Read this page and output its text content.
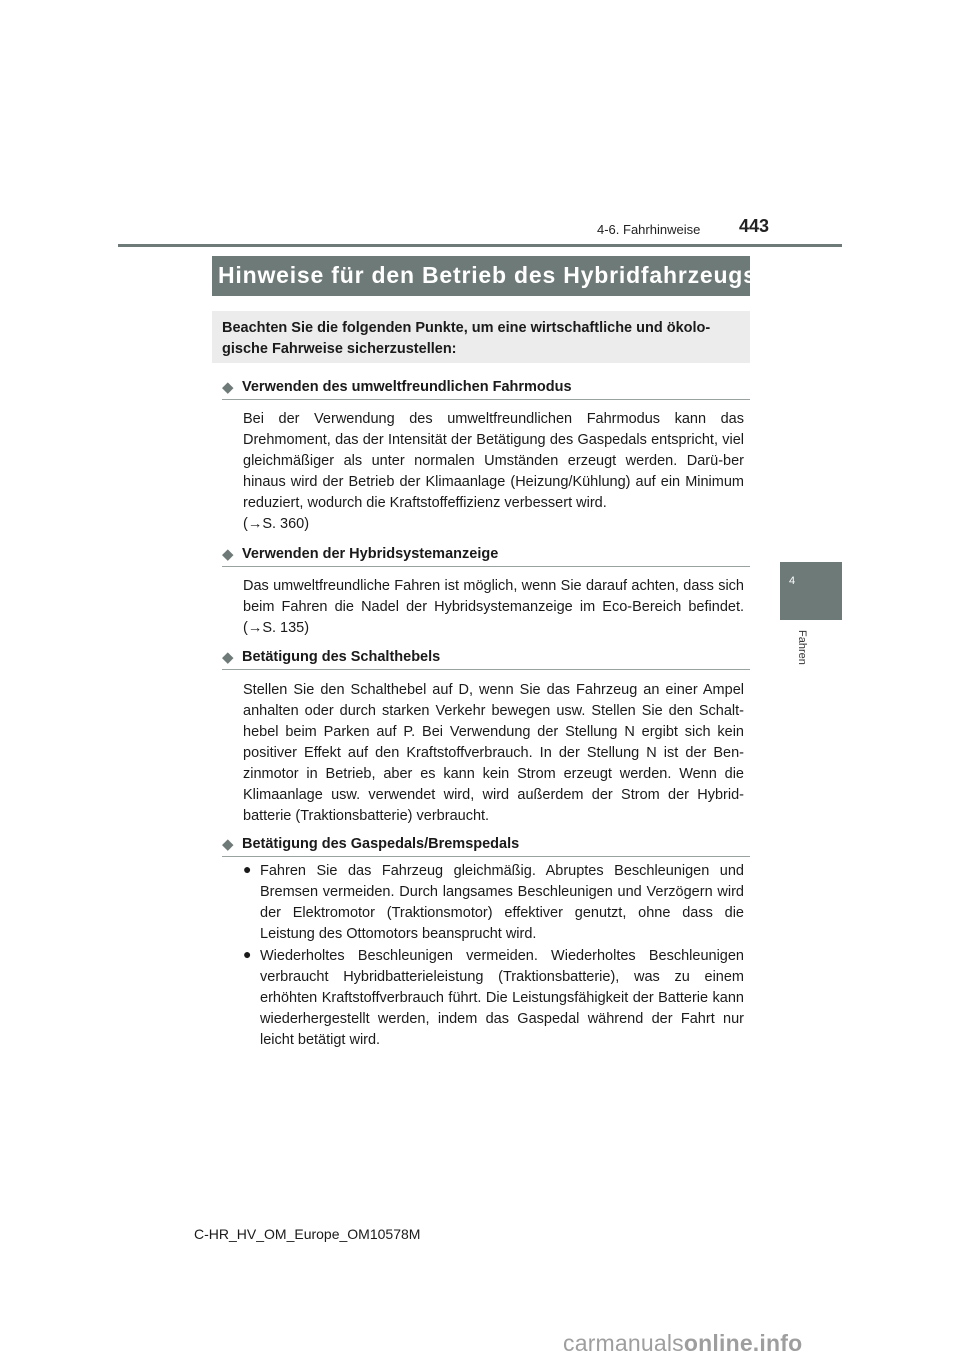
4-6. Fahrhinweise 443
4
Fahren
Hinweise für den Betrieb des Hybridfahrzeugs

Beachten Sie die folgenden Punkte, um eine wirtschaftliche und ökolo-gische Fahrweise sicherzustellen:

◆ Verwenden des umweltfreundlichen Fahrmodus

Bei der Verwendung des umweltfreundlichen Fahrmodus kann das Drehmoment, das der Intensität der Betätigung des Gaspedals entspricht, viel gleichmäßiger als unter normalen Umständen erzeugt werden. Darü-ber hinaus wird der Betrieb der Klimaanlage (Heizung/Kühlung) auf ein Minimum reduziert, wodurch die Kraftstoffeffizienz verbessert wird.

(→S. 360)

◆ Verwenden der Hybridsystemanzeige

Das umweltfreundliche Fahren ist möglich, wenn Sie darauf achten, dass sich beim Fahren die Nadel der Hybridsystemanzeige im Eco-Bereich befindet. (→S. 135)

◆ Betätigung des Schalthebels

Stellen Sie den Schalthebel auf D, wenn Sie das Fahrzeug an einer Ampel anhalten oder durch starken Verkehr bewegen usw. Stellen Sie den Schalt-hebel beim Parken auf P. Bei Verwendung der Stellung N ergibt sich kein positiver Effekt auf den Kraftstoffverbrauch. In der Stellung N ist der Ben-zinmotor in Betrieb, aber es kann kein Strom erzeugt werden. Wenn die Klimaanlage usw. verwendet wird, wird außerdem der Strom der Hybrid-batterie (Traktionsbatterie) verbraucht.

◆ Betätigung des Gaspedals/Bremspedals
● Fahren Sie das Fahrzeug gleichmäßig. Abruptes Beschleunigen und Bremsen vermeiden. Durch langsames Beschleunigen und Verzögern wird der Elektromotor (Traktionsmotor) effektiver genutzt, ohne dass die Leistung des Ottomotors beansprucht wird.

● Wiederholtes Beschleunigen vermeiden. Wiederholtes Beschleunigen verbraucht Hybridbatterieleistung (Traktionsbatterie), was zu einem erhöhten Kraftstoffverbrauch führt. Die Leistungsfähigkeit der Batterie kann wiederhergestellt werden, indem das Gaspedal während der Fahrt nur leicht betätigt wird.

C-HR_HV_OM_Europe_OM10578M
carmanualsonline.info
